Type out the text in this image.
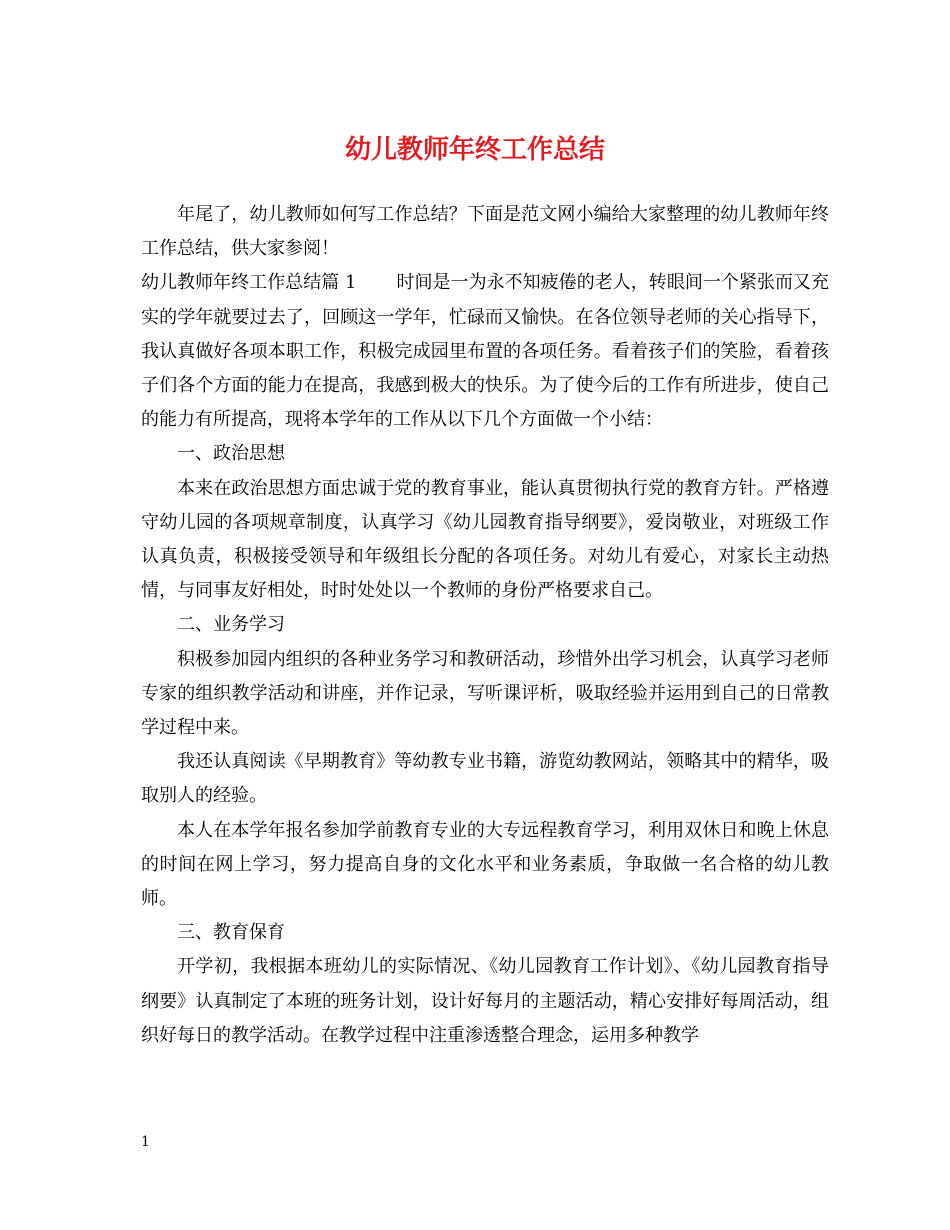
幼儿教师年终工作总结

年尾了，幼儿教师如何写工作总结？下面是范文网小编给大家整理的幼儿教师年终工作总结，供大家参阅！

幼儿教师年终工作总结篇 1 时间是一为永不知疲倦的老人，转眼间一个紧张而又充实的学年就要过去了，回顾这一学年，忙碌而又愉快。在各位领导老师的关心指导下，我认真做好各项本职工作，积极完成园里布置的各项任务。看着孩子们的笑脸，看着孩子们各个方面的能力在提高，我感到极大的快乐。为了使今后的工作有所进步，使自己的能力有所提高，现将本学年的工作从以下几个方面做一个小结：

一、政治思想

本来在政治思想方面忠诚于党的教育事业，能认真贯彻执行党的教育方针。严格遵守幼儿园的各项规章制度，认真学习《幼儿园教育指导纲要》，爱岗敬业，对班级工作认真负责，积极接受领导和年级组长分配的各项任务。对幼儿有爱心，对家长主动热情，与同事友好相处，时时处处以一个教师的身份严格要求自己。

二、业务学习

积极参加园内组织的各种业务学习和教研活动，珍惜外出学习机会，认真学习老师专家的组织教学活动和讲座，并作记录，写听课评析，吸取经验并运用到自己的日常教学过程中来。

我还认真阅读《早期教育》等幼教专业书籍，游览幼教网站，领略其中的精华，吸取别人的经验。

本人在本学年报名参加学前教育专业的大专远程教育学习，利用双休日和晚上休息的时间在网上学习，努力提高自身的文化水平和业务素质，争取做一名合格的幼儿教师。

三、教育保育

开学初，我根据本班幼儿的实际情况、《幼儿园教育工作计划》、《幼儿园教育指导纲要》认真制定了本班的班务计划，设计好每月的主题活动，精心安排好每周活动，组织好每日的教学活动。在教学过程中注重渗透整合理念，运用多种教学

1
